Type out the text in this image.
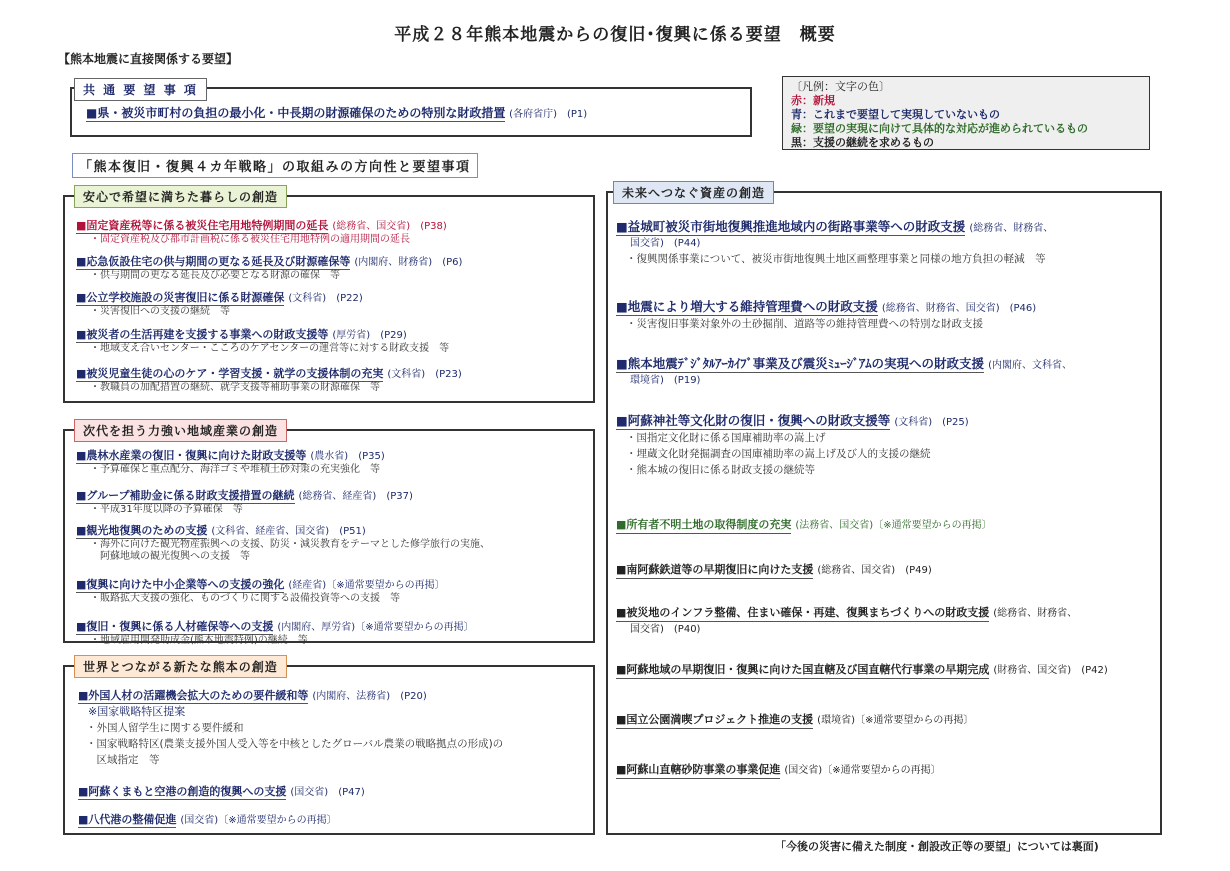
平成２８年熊本地震からの復旧･復興に係る要望　概要
【熊本地震に直接関係する要望】
共 通 要 望 事 項
■県・被災市町村の負担の最小化・中長期の財源確保のための特別な財政措置 (各府省庁)　(P1)
〔凡例：文字の色〕
赤：新規
青：これまで要望して実現していないもの
緑：要望の実現に向けて具体的な対応が進められているもの
黒：支援の継続を求めるもの
「熊本復旧・復興４カ年戦略」の取組みの方向性と要望事項
安心で希望に満ちた暮らしの創造
■固定資産税等に係る被災住宅用地特例期間の延長 (総務省、国交省)　(P38)
・固定資産税及び都市計画税に係る被災住宅用地特例の適用期間の延長
■応急仮設住宅の供与期間の更なる延長及び財源確保等 (内閣府、財務省)　(P6)
・供与期間の更なる延長及び必要となる財源の確保　等
■公立学校施設の災害復旧に係る財源確保 (文科省)　(P22)
・災害復旧への支援の継続　等
■被災者の生活再建を支援する事業への財政支援等 (厚労省)　(P29)
・地域支え合いセンター・こころのケアセンターの運営等に対する財政支援　等
■被災児童生徒の心のケア・学習支援・就学の支援体制の充実 (文科省)　(P23)
・教職員の加配措置の継続、就学支援等補助事業の財源確保　等
次代を担う力強い地域産業の創造
■農林水産業の復旧・復興に向けた財政支援等 (農水省)　(P35)
・予算確保と重点配分、海洋ゴミや堆積土砂対策の充実強化　等
■グループ補助金に係る財政支援措置の継続 (総務省、経産省)　(P37)
・平成31年度以降の予算確保　等
■観光地復興のための支援 (文科省、経産省、国交省)　(P51)
・海外に向けた観光物産振興への支援、防災・減災教育をテーマとした修学旅行の実施、
　阿蘇地域の観光復興への支援　等
■復興に向けた中小企業等への支援の強化 (経産省)〔※通常要望からの再掲〕
・販路拡大支援の強化、ものづくりに関する設備投資等への支援　等
■復旧・復興に係る人材確保等への支援 (内閣府、厚労省)〔※通常要望からの再掲〕
・地域雇用開発助成金(熊本地震特例)の継続　等
世界とつながる新たな熊本の創造
■外国人材の活躍機会拡大のための要件緩和等 (内閣府、法務省)　(P20)
※国家戦略特区提案
・外国人留学生に関する要件緩和
・国家戦略特区(農業支援外国人受入等を中核としたグローバル農業の戦略拠点の形成)の
　区域指定　等
■阿蘇くまもと空港の創造的復興への支援 (国交省)　(P47)
■八代港の整備促進 (国交省)〔※通常要望からの再掲〕
未来へつなぐ資産の創造
■益城町被災市街地復興推進地域内の街路事業等への財政支援 (総務省、財務省、
国交省)　(P44)
・復興関係事業について、被災市街地復興土地区画整理事業と同様の地方負担の軽減　等
■地震により増大する維持管理費への財政支援 (総務省、財務省、国交省)　(P46)
・災害復旧事業対象外の土砂掘削、道路等の維持管理費への特別な財政支援
■熊本地震ﾃﾞｼﾞﾀﾙｱｰｶｲﾌﾞ事業及び震災ﾐｭｰｼﾞｱﾑの実現への財政支援 (内閣府、文科省、
環境省)　(P19)
■阿蘇神社等文化財の復旧・復興への財政支援等 (文科省)　(P25)
・国指定文化財に係る国庫補助率の嵩上げ
・埋蔵文化財発掘調査の国庫補助率の嵩上げ及び人的支援の継続
・熊本城の復旧に係る財政支援の継続等
■所有者不明土地の取得制度の充実 (法務省、国交省)〔※通常要望からの再掲〕
■南阿蘇鉄道等の早期復旧に向けた支援 (総務省、国交省)　(P49)
■被災地のインフラ整備、住まい確保・再建、復興まちづくりへの財政支援 (総務省、財務省、
国交省)　(P40)
■阿蘇地域の早期復旧・復興に向けた国直轄及び国直轄代行事業の早期完成 (財務省、国交省)　(P42)
■国立公園満喫プロジェクト推進の支援 (環境省)〔※通常要望からの再掲〕
■阿蘇山直轄砂防事業の事業促進 (国交省)〔※通常要望からの再掲〕
「今後の災害に備えた制度・創設改正等の要望」については裏面)
